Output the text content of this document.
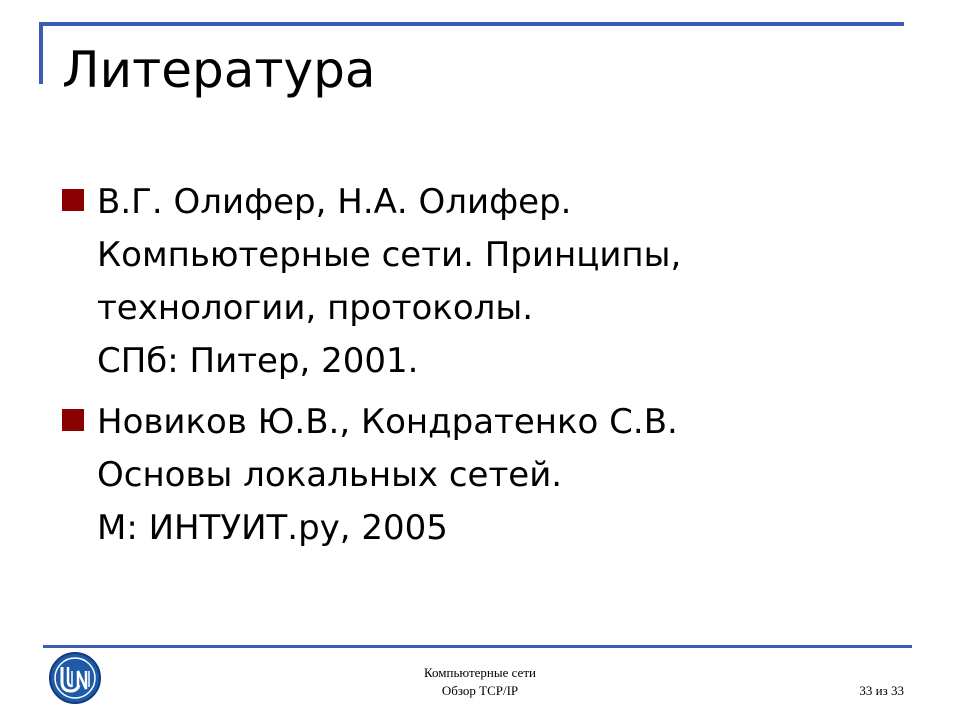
Литература
В.Г. Олифер, Н.А. Олифер.
Компьютерные сети. Принципы,
технологии, протоколы.
СПб: Питер, 2001.
Новиков Ю.В., Кондратенко С.В.
Основы локальных сетей.
М: ИНТУИТ.ру, 2005
Компьютерные сети
Обзор TCP/IP	33 из 33
